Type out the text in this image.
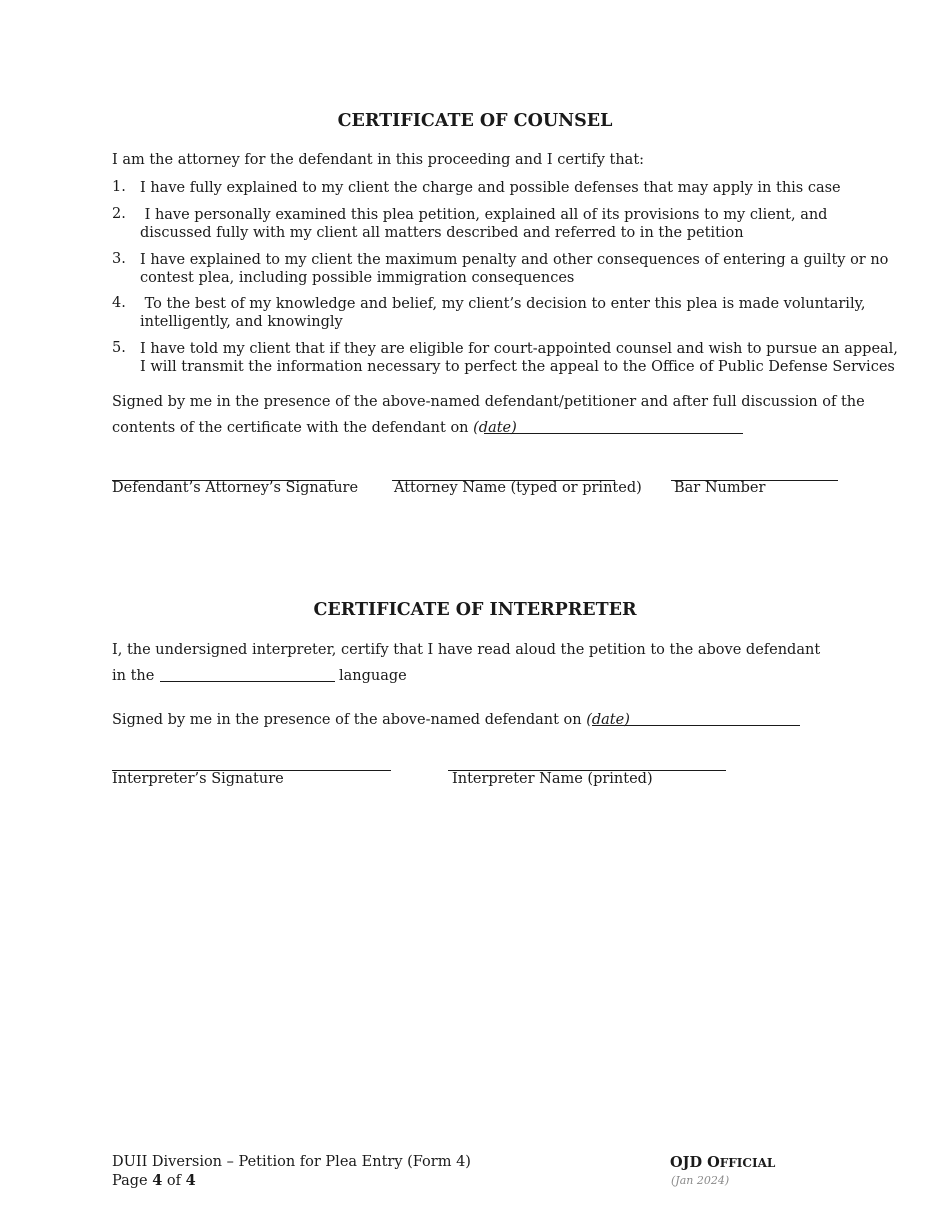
CERTIFICATE OF COUNSEL
I am the attorney for the defendant in this proceeding and I certify that:
1. I have fully explained to my client the charge and possible defenses that may apply in this case
2. I have personally examined this plea petition, explained all of its provisions to my client, and
discussed fully with my client all matters described and referred to in the petition
3. I have explained to my client the maximum penalty and other consequences of entering a guilty or no
contest plea, including possible immigration consequences
4. To the best of my knowledge and belief, my client’s decision to enter this plea is made voluntarily,
intelligently, and knowingly
5. I have told my client that if they are eligible for court-appointed counsel and wish to pursue an appeal,
I will transmit the information necessary to perfect the appeal to the Office of Public Defense Services
Signed by me in the presence of the above-named defendant/petitioner and after full discussion of the
contents of the certificate with the defendant on (date)
Defendant’s Attorney’s Signature Attorney Name (typed or printed) Bar Number
CERTIFICATE OF INTERPRETER
I, the undersigned interpreter, certify that I have read aloud the petition to the above defendant
in the	language
Signed by me in the presence of the above-named defendant on (date)
Interpreter’s Signature	Interpreter Name (printed)
DUII Diversion – Petition for Plea Entry (Form 4)
Page 4 of 4
OJD OFFICIAL
(Jan 2024)
